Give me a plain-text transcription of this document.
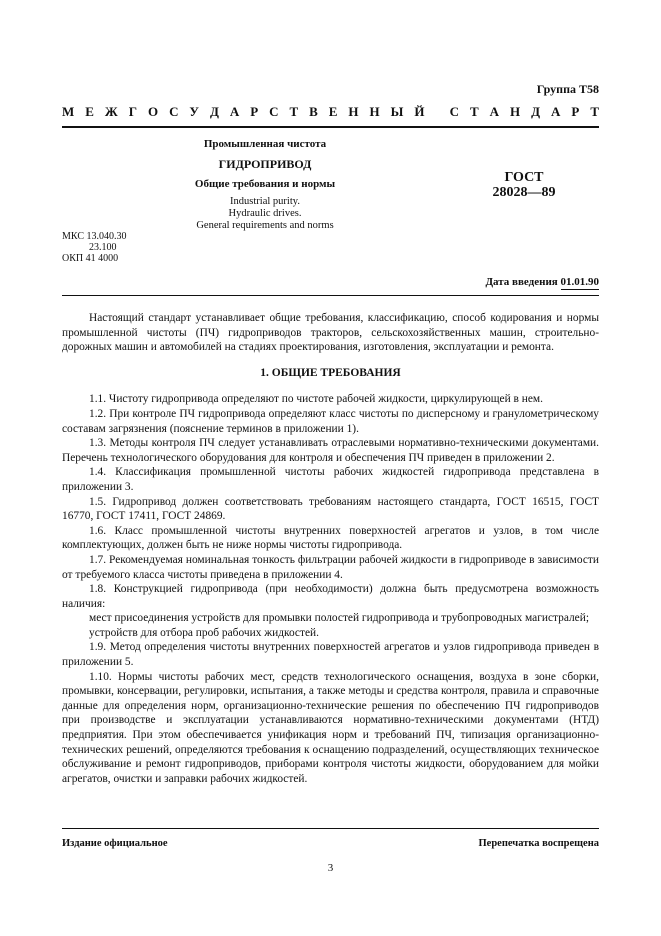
Группа Т58
М Е Ж Г О С У Д А Р С Т В Е Н Н Ы Й
С Т А Н Д А Р Т
Промышленная чистота
ГИДРОПРИВОД
Общие требования и нормы
Industrial purity.
Hydraulic drives.
General requirements and norms
ГОСТ
28028—89
МКС 13.040.30
23.100
ОКП 41 4000
Дата введения 01.01.90

Настоящий стандарт устанавливает общие требования, классификацию, способ кодирования и нормы промышленной чистоты (ПЧ) гидроприводов тракторов, сельскохозяйственных машин, строительно-дорожных машин и автомобилей на стадиях проектирования, изготовления, эксплуатации и ремонта.

1. ОБЩИЕ ТРЕБОВАНИЯ

1.1. Чистоту гидропривода определяют по чистоте рабочей жидкости, циркулирующей в нем.

1.2. При контроле ПЧ гидропривода определяют класс чистоты по дисперсному и гранулометрическому составам загрязнения (пояснение терминов в приложении 1).

1.3. Методы контроля ПЧ следует устанавливать отраслевыми нормативно-техническими документами. Перечень технологического оборудования для контроля и обеспечения ПЧ приведен в приложении 2.

1.4. Классификация промышленной чистоты рабочих жидкостей гидропривода представлена в приложении 3.

1.5. Гидропривод должен соответствовать требованиям настоящего стандарта, ГОСТ 16515, ГОСТ 16770, ГОСТ 17411, ГОСТ 24869.

1.6. Класс промышленной чистоты внутренних поверхностей агрегатов и узлов, в том числе комплектующих, должен быть не ниже нормы чистоты гидропривода.

1.7. Рекомендуемая номинальная тонкость фильтрации рабочей жидкости в гидроприводе в зависимости от требуемого класса чистоты приведена в приложении 4.

1.8. Конструкцией гидропривода (при необходимости) должна быть предусмотрена возможность наличия:

мест присоединения устройств для промывки полостей гидропривода и трубопроводных магистралей;

устройств для отбора проб рабочих жидкостей.

1.9. Метод определения чистоты внутренних поверхностей агрегатов и узлов гидропривода приведен в приложении 5.

1.10. Нормы чистоты рабочих мест, средств технологического оснащения, воздуха в зоне сборки, промывки, консервации, регулировки, испытания, а также методы и средства контроля, правила и справочные данные для определения норм, организационно-технические решения по обеспечению ПЧ гидроприводов при производстве и эксплуатации устанавливаются нормативно-техническими документами (НТД) предприятия. При этом обеспечивается унификация норм и требований ПЧ, типизация организационно-технических решений, определяются требования к оснащению подразделений, осуществляющих техническое обслуживание и ремонт гидроприводов, приборами контроля чистоты жидкости, оборудованием для мойки агрегатов, очистки и заправки рабочих жидкостей.

Издание официальное	Перепечатка воспрещена
3
